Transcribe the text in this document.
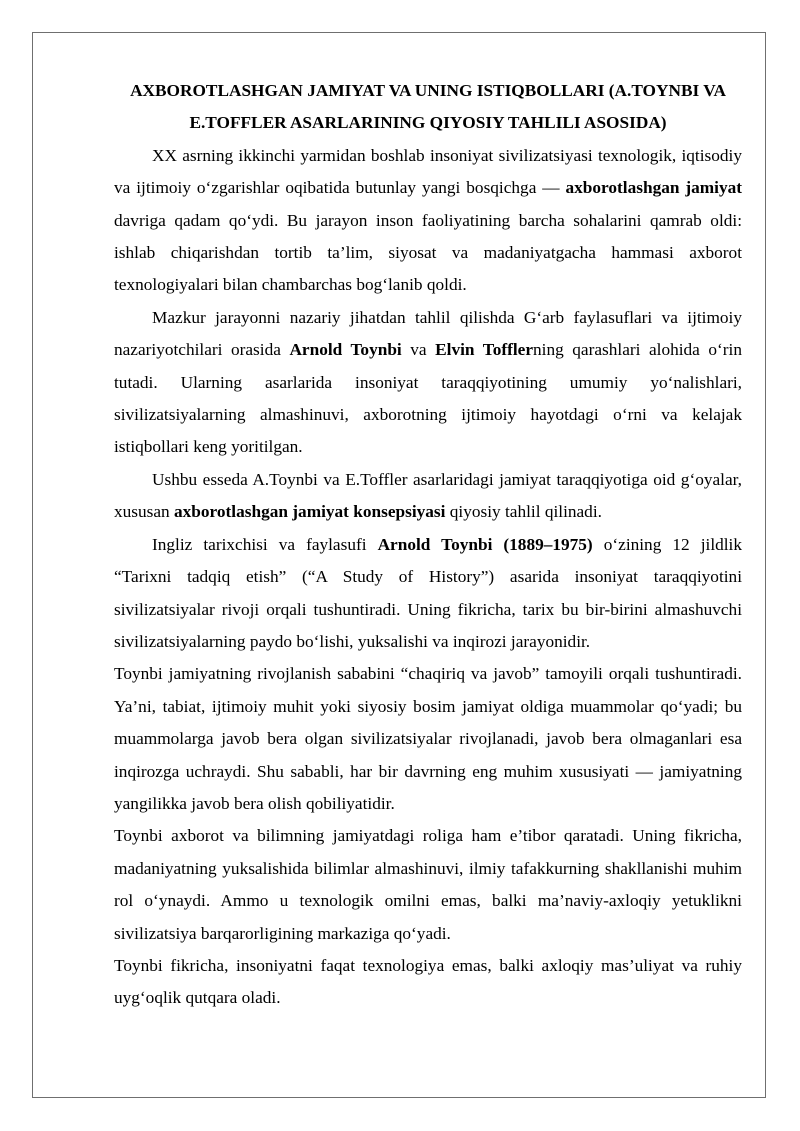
AXBOROTLASHGAN JAMIYAT VA UNING ISTIQBOLLARI (A.TOYNBI VA E.TOFFLER ASARLARINING QIYOSIY TAHLILI ASOSIDA)

XX asrning ikkinchi yarmidan boshlab insoniyat sivilizatsiyasi texnologik, iqtisodiy va ijtimoiy o‘zgarishlar oqibatida butunlay yangi bosqichga — axborotlashgan jamiyat davriga qadam qo‘ydi. Bu jarayon inson faoliyatining barcha sohalarini qamrab oldi: ishlab chiqarishdan tortib ta’lim, siyosat va madaniyatgacha hammasi axborot texnologiyalari bilan chambarchas bog‘lanib qoldi.

Mazkur jarayonni nazariy jihatdan tahlil qilishda G‘arb faylasuflari va ijtimoiy nazariyotchilari orasida Arnold Toynbi va Elvin Tofflerning qarashlari alohida o‘rin tutadi. Ularning asarlarida insoniyat taraqqiyotining umumiy yo‘nalishlari, sivilizatsiyalarning almashinuvi, axborotning ijtimoiy hayotdagi o‘rni va kelajak istiqbollari keng yoritilgan.

Ushbu esseda A.Toynbi va E.Toffler asarlaridagi jamiyat taraqqiyotiga oid g‘oyalar, xususan axborotlashgan jamiyat konsepsiyasi qiyosiy tahlil qilinadi.

Ingliz tarixchisi va faylasufi Arnold Toynbi (1889–1975) o‘zining 12 jildlik “Tarixni tadqiq etish” (“A Study of History”) asarida insoniyat taraqqiyotini sivilizatsiyalar rivoji orqali tushuntiradi. Uning fikricha, tarix bu bir-birini almashuvchi sivilizatsiyalarning paydo bo‘lishi, yuksalishi va inqirozi jarayonidir.

Toynbi jamiyatning rivojlanish sababini “chaqiriq va javob” tamoyili orqali tushuntiradi. Ya’ni, tabiat, ijtimoiy muhit yoki siyosiy bosim jamiyat oldiga muammolar qo‘yadi; bu muammolarga javob bera olgan sivilizatsiyalar rivojlanadi, javob bera olmaganlari esa inqirozga uchraydi. Shu sababli, har bir davrning eng muhim xususiyati — jamiyatning yangilikka javob bera olish qobiliyatidir.

Toynbi axborot va bilimning jamiyatdagi roliga ham e’tibor qaratadi. Uning fikricha, madaniyatning yuksalishida bilimlar almashinuvi, ilmiy tafakkurning shakllanishi muhim rol o‘ynaydi. Ammo u texnologik omilni emas, balki ma’naviy-axloqiy yetuklikni sivilizatsiya barqarorligining markaziga qo‘yadi.

Toynbi fikricha, insoniyatni faqat texnologiya emas, balki axloqiy mas’uliyat va ruhiy uyg‘oqlik qutqara oladi.
